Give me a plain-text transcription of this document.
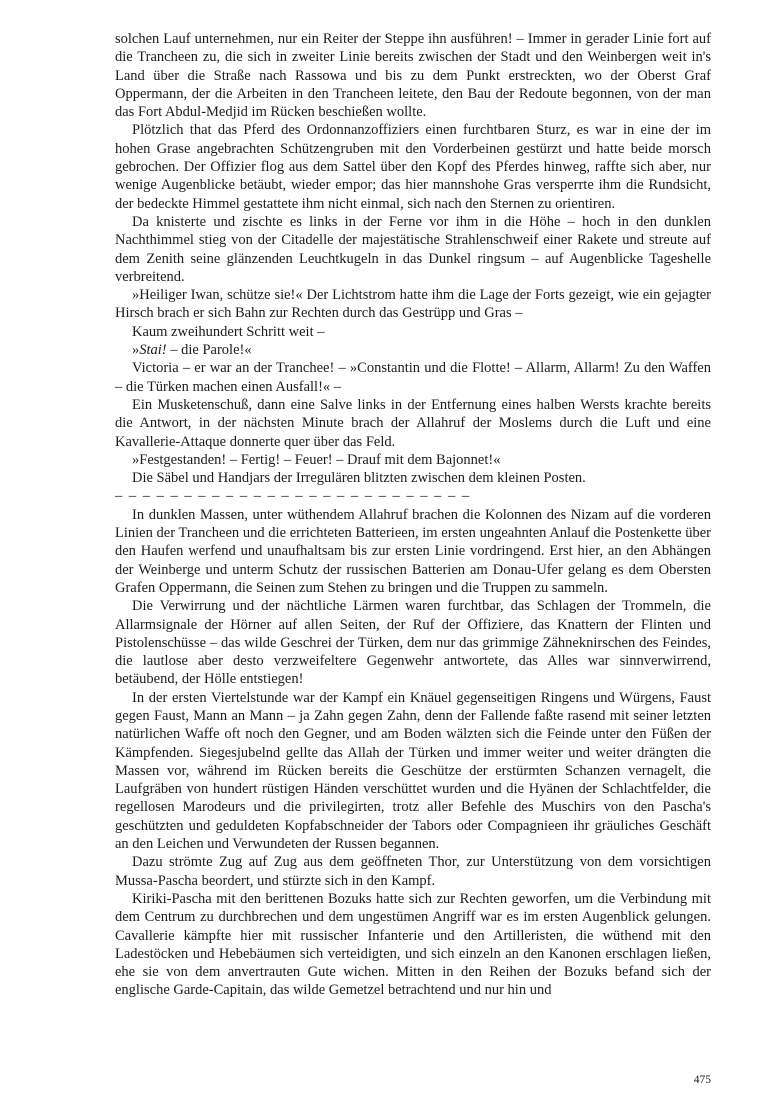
solchen Lauf unternehmen, nur ein Reiter der Steppe ihn ausführen! – Immer in gerader Linie fort auf die Trancheen zu, die sich in zweiter Linie bereits zwischen der Stadt und den Weinbergen weit in's Land über die Straße nach Rassowa und bis zu dem Punkt erstreckten, wo der Oberst Graf Oppermann, der die Arbeiten in den Trancheen leitete, den Bau der Redoute begonnen, von der man das Fort Abdul-Medjid im Rücken beschießen wollte.

Plötzlich that das Pferd des Ordonnanzoffiziers einen furchtbaren Sturz, es war in eine der im hohen Grase angebrachten Schützengruben mit den Vorderbeinen gestürzt und hatte beide morsch gebrochen. Der Offizier flog aus dem Sattel über den Kopf des Pferdes hinweg, raffte sich aber, nur wenige Augenblicke betäubt, wieder empor; das hier mannshohe Gras versperrte ihm die Rundsicht, der bedeckte Himmel gestattete ihm nicht einmal, sich nach den Sternen zu orientiren.

Da knisterte und zischte es links in der Ferne vor ihm in die Höhe – hoch in den dunklen Nachthimmel stieg von der Citadelle der majestätische Strahlenschweif einer Rakete und streute auf dem Zenith seine glänzenden Leuchtkugeln in das Dunkel ringsum – auf Augenblicke Tageshelle verbreitend.

»Heiliger Iwan, schütze sie!« Der Lichtstrom hatte ihm die Lage der Forts gezeigt, wie ein gejagter Hirsch brach er sich Bahn zur Rechten durch das Gestrüpp und Gras –

Kaum zweihundert Schritt weit –

»Stai! – die Parole!«

Victoria – er war an der Tranchee! – »Constantin und die Flotte! – Allarm, Allarm! Zu den Waffen – die Türken machen einen Ausfall!« –

Ein Musketenschuß, dann eine Salve links in der Entfernung eines halben Wersts krachte bereits die Antwort, in der nächsten Minute brach der Allahruf der Moslems durch die Luft und eine Kavallerie-Attaque donnerte quer über das Feld.

»Festgestanden! – Fertig! – Feuer! – Drauf mit dem Bajonnet!«

Die Säbel und Handjars der Irregulären blitzten zwischen dem kleinen Posten.

– – – – – – – – – – – – – – – – – – – – – – – – – –

In dunklen Massen, unter wüthendem Allahruf brachen die Kolonnen des Nizam auf die vorderen Linien der Trancheen und die errichteten Batterieen, im ersten ungeahnten Anlauf die Postenkette über den Haufen werfend und unaufhaltsam bis zur ersten Linie vordringend. Erst hier, an den Abhängen der Weinberge und unterm Schutz der russischen Batterien am Donau-Ufer gelang es dem Obersten Grafen Oppermann, die Seinen zum Stehen zu bringen und die Truppen zu sammeln.

Die Verwirrung und der nächtliche Lärmen waren furchtbar, das Schlagen der Trommeln, die Allarmsignale der Hörner auf allen Seiten, der Ruf der Offiziere, das Knattern der Flinten und Pistolenschüsse – das wilde Geschrei der Türken, dem nur das grimmige Zähneknirschen des Feindes, die lautlose aber desto verzweifeltere Gegenwehr antwortete, das Alles war sinnverwirrend, betäubend, der Hölle entstiegen!

In der ersten Viertelstunde war der Kampf ein Knäuel gegenseitigen Ringens und Würgens, Faust gegen Faust, Mann an Mann – ja Zahn gegen Zahn, denn der Fallende faßte rasend mit seiner letzten natürlichen Waffe oft noch den Gegner, und am Boden wälzten sich die Feinde unter den Füßen der Kämpfenden. Siegesjubelnd gellte das Allah der Türken und immer weiter und weiter drängten die Massen vor, während im Rücken bereits die Geschütze der erstürmten Schanzen vernagelt, die Laufgräben von hundert rüstigen Händen verschüttet wurden und die Hyänen der Schlachtfelder, die regellosen Marodeurs und die privilegirten, trotz aller Befehle des Muschirs von den Pascha's geschützten und geduldeten Kopfabschneider der Tabors oder Compagnieen ihr gräuliches Geschäft an den Leichen und Verwundeten der Russen begannen.

Dazu strömte Zug auf Zug aus dem geöffneten Thor, zur Unterstützung von dem vorsichtigen Mussa-Pascha beordert, und stürzte sich in den Kampf.

Kiriki-Pascha mit den berittenen Bozuks hatte sich zur Rechten geworfen, um die Verbindung mit dem Centrum zu durchbrechen und dem ungestümen Angriff war es im ersten Augenblick gelungen. Cavallerie kämpfte hier mit russischer Infanterie und den Artilleristen, die wüthend mit den Ladestöcken und Hebebäumen sich verteidigten, und sich einzeln an den Kanonen erschlagen ließen, ehe sie von dem anvertrauten Gute wichen. Mitten in den Reihen der Bozuks befand sich der englische Garde-Capitain, das wilde Gemetzel betrachtend und nur hin und

475
